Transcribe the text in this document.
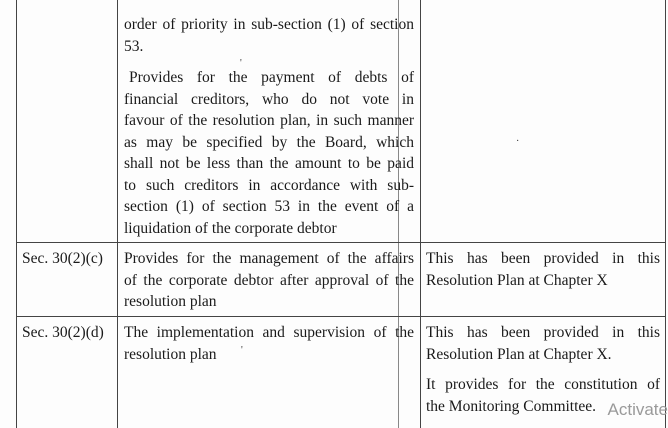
order of priority in sub-section (1) of section
53.
Provides for the payment of debts of
financial creditors, who do not vote in
favour of the resolution plan, in such manner
as may be specified by the Board, which
shall not be less than the amount to be paid
to such creditors in accordance with sub-
section (1) of section 53 in the event of a
liquidation of the corporate debtor
Sec. 30(2)(c) Provides for the management of the affairs
of the corporate debtor after approval of the
resolution plan
This has been provided in this
Resolution Plan at Chapter X
Sec. 30(2)(d) The implementation and supervision of the
resolution plan
This has been provided in this
Resolution Plan at Chapter X.
It provides for the constitution of
the Monitoring Committee.
'
'
·
Activate
